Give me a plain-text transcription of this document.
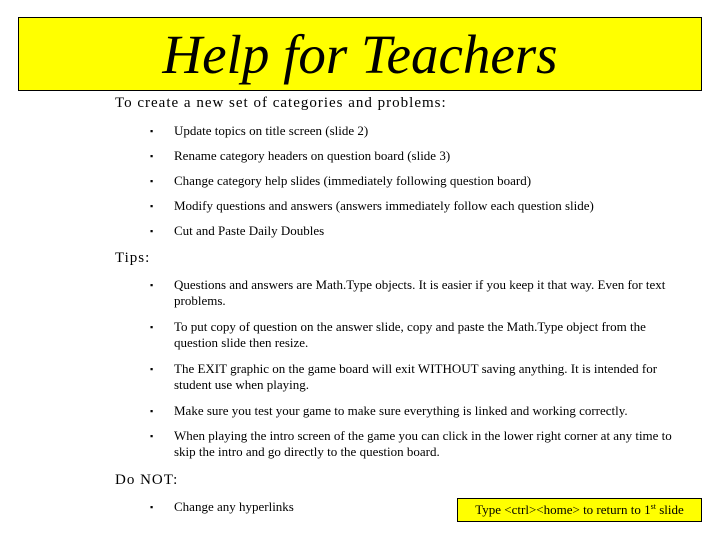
Help for Teachers
To create a new set of categories and problems:
▪	Update topics on title screen (slide 2)
▪	Rename category headers on question board (slide 3)
▪	Change category help slides (immediately following question board)
▪	Modify questions and answers (answers immediately follow each question slide)
▪	Cut and Paste Daily Doubles
Tips:
▪	Questions and answers are Math.Type objects. It is easier if you keep it that way. Even for text problems.
▪	To put copy of question on the answer slide, copy and paste the Math.Type object from the question slide then resize.
▪	The EXIT graphic on the game board will exit WITHOUT saving anything. It is intended for student use when playing.
▪	Make sure you test your game to make sure everything is linked and working correctly.
▪	When playing the intro screen of the game you can click in the lower right corner at any time to skip the intro and go directly to the question board.
Do NOT:
▪	Change any hyperlinks	Type <ctrl><home> to return to 1st slide
